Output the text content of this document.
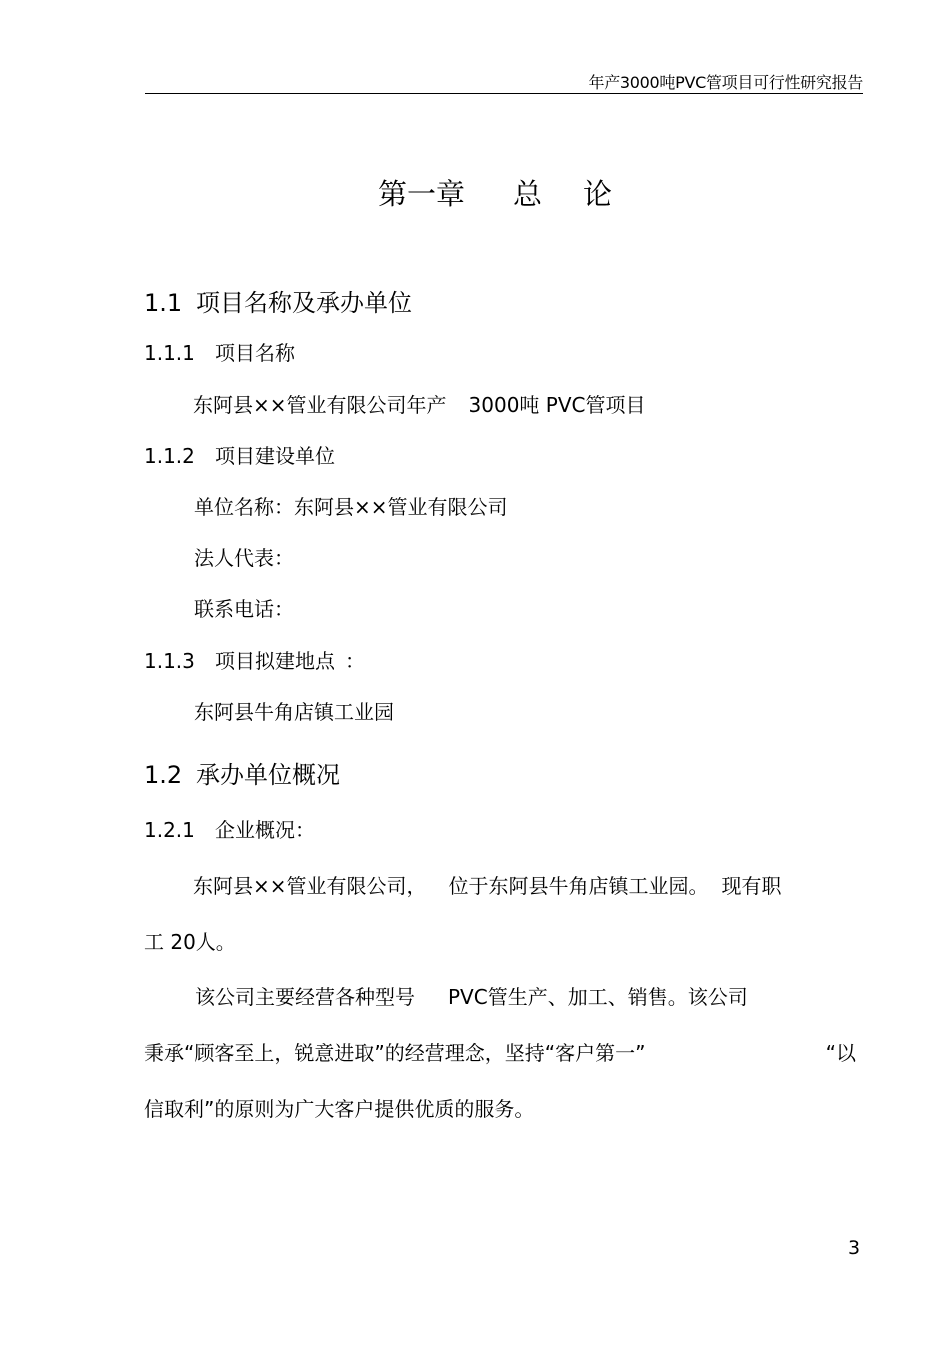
年产3000吨PVC管项目可行性研究报告
第一章 总 论
1.1 项目名称及承办单位
1.1.1 项目名称
东阿县××管业有限公司年产 3000吨 PVC管项目
1.1.2 项目建设单位
单位名称：东阿县××管业有限公司
法人代表：
联系电话：
1.1.3 项目拟建地点 ：
东阿县牛角店镇工业园
1.2 承办单位概况
1.2.1 企业概况：
东阿县××管业有限公司， 位于东阿县牛角店镇工业园。 现有职
工 20人。
该公司主要经营各种型号 PVC管生产、加工、销售。该公司
秉承“顾客至上，锐意进取”的经营理念，坚持“客户第一”	“以
信取利”的原则为广大客户提供优质的服务。
3
